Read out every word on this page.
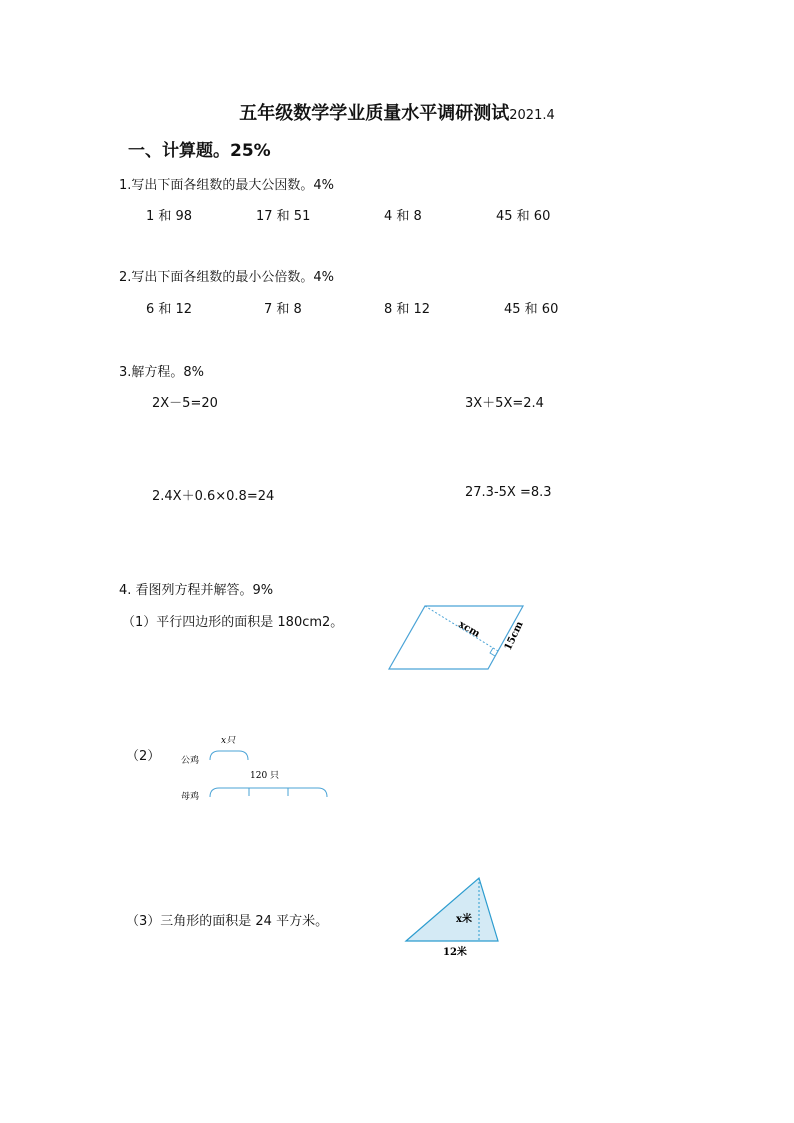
五年级数学学业质量水平调研测试2021.4
一、计算题。25%
1.写出下面各组数的最大公因数。4%
1 和 98	17 和 51	4 和 8	45 和 60
2.写出下面各组数的最小公倍数。4%
6 和 12	7 和 8	8 和 12	45 和 60
3.解方程。8%
2X－5=20	3X＋5X=2.4
2.4X＋0.6×0.8=24	27.3-5X =8.3
4. 看图列方程并解答。9%
（1）平行四边形的面积是 180cm2。	xcm 15cm
（2）
x只
公鸡
120 只
母鸡
（3）三角形的面积是 24 平方米。	x米
12米
